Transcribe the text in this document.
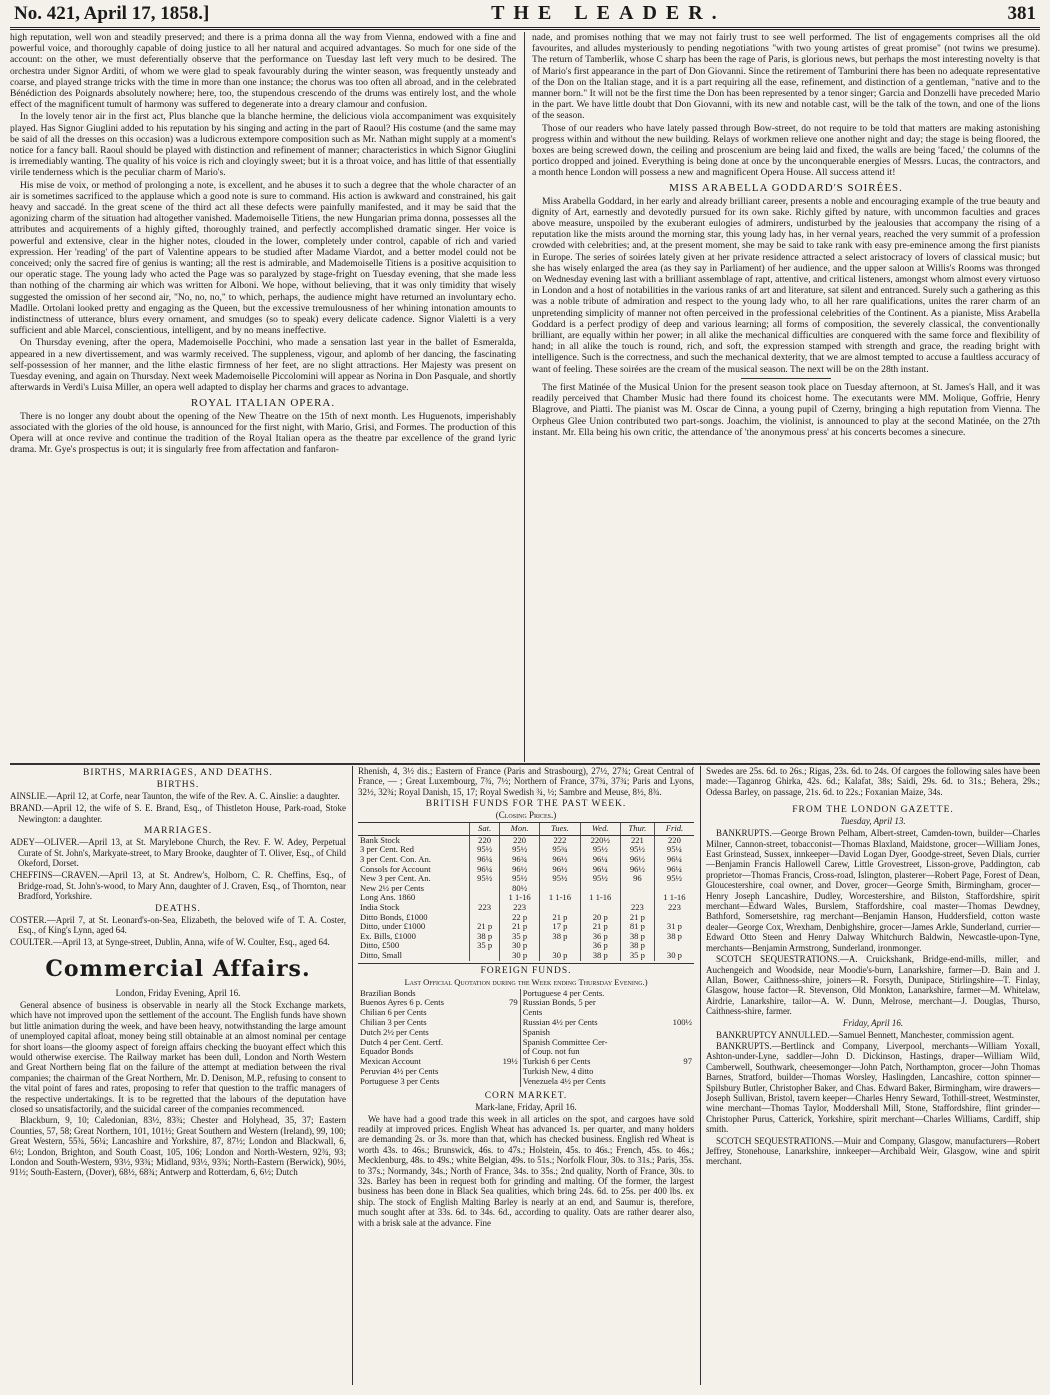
No. 421, April 17, 1858.]	THE LEADER.	381

high reputation, well won and steadily preserved; and there is a prima donna all the way from Vienna, endowed with a fine and powerful voice, and thoroughly capable of doing justice to all her natural and acquired advantages. So much for one side of the account: on the other, we must deferentially observe that the performance on Tuesday last left very much to be desired. The orchestra under Signor Arditi, of whom we were glad to speak favourably during the winter season, was frequently unsteady and coarse, and played strange tricks with the time in more than one instance; the chorus was too often all abroad, and in the celebrated Bénédiction des Poignards absolutely nowhere; here, too, the stupendous crescendo of the drums was entirely lost, and the whole effect of the magnificent tumult of harmony was suffered to degenerate into a dreary clamour and confusion.

In the lovely tenor air in the first act, Plus blanche que la blanche hermine, the delicious viola accompaniment was exquisitely played. Has Signor Giuglini added to his reputation by his singing and acting in the part of Raoul? His costume (and the same may be said of all the dresses on this occasion) was a ludicrous extempore composition such as Mr. Nathan might supply at a moment's notice for a fancy ball. Raoul should be played with distinction and refinement of manner; characteristics in which Signor Giuglini is irremediably wanting. The quality of his voice is rich and cloyingly sweet; but it is a throat voice, and has little of that essentially virile tenderness which is the peculiar charm of Mario's.

His mise de voix, or method of prolonging a note, is excellent, and he abuses it to such a degree that the whole character of an air is sometimes sacrificed to the applause which a good note is sure to command. His action is awkward and constrained, his gait heavy and saccadé. In the great scene of the third act all these defects were painfully manifested, and it may be said that the agonizing charm of the situation had altogether vanished. Mademoiselle Titiens, the new Hungarian prima donna, possesses all the attributes and acquirements of a highly gifted, thoroughly trained, and perfectly accomplished dramatic singer. Her voice is powerful and extensive, clear in the higher notes, clouded in the lower, completely under control, capable of rich and varied expression. Her 'reading' of the part of Valentine appears to be studied after Madame Viardot, and a better model could not be conceived; only the sacred fire of genius is wanting; all the rest is admirable, and Mademoiselle Titiens is a positive acquisition to our operatic stage. The young lady who acted the Page was so paralyzed by stage-fright on Tuesday evening, that she made less than nothing of the charming air which was written for Alboni. We hope, without believing, that it was only timidity that wisely suggested the omission of her second air, "No, no, no," to which, perhaps, the audience might have returned an involuntary echo. Madlle. Ortolani looked pretty and engaging as the Queen, but the excessive tremulousness of her whining intonation amounts to indistinctness of utterance, blurs every ornament, and smudges (so to speak) every delicate cadence. Signor Vialetti is a very sufficient and able Marcel, conscientious, intelligent, and by no means ineffective.

On Thursday evening, after the opera, Mademoiselle Pocchini, who made a sensation last year in the ballet of Esmeralda, appeared in a new divertissement, and was warmly received. The suppleness, vigour, and aplomb of her dancing, the fascinating self-possession of her manner, and the lithe elastic firmness of her feet, are no slight attractions. Her Majesty was present on Tuesday evening, and again on Thursday. Next week Mademoiselle Piccolomini will appear as Norina in Don Pasquale, and shortly afterwards in Verdi's Luisa Miller, an opera well adapted to display her charms and graces to advantage.

ROYAL ITALIAN OPERA.

There is no longer any doubt about the opening of the New Theatre on the 15th of next month. Les Huguenots, imperishably associated with the glories of the old house, is announced for the first night, with Mario, Grisi, and Formes. The production of this Opera will at once revive and continue the tradition of the Royal Italian opera as the theatre par excellence of the grand lyric drama. Mr. Gye's prospectus is out; it is singularly free from affectation and fanfaron-

nade, and promises nothing that we may not fairly trust to see well performed. The list of engagements comprises all the old favourites, and alludes mysteriously to pending negotiations "with two young artistes of great promise" (not twins we presume). The return of Tamberlik, whose C sharp has been the rage of Paris, is glorious news, but perhaps the most interesting novelty is that of Mario's first appearance in the part of Don Giovanni. Since the retirement of Tamburini there has been no adequate representative of the Don on the Italian stage, and it is a part requiring all the ease, refinement, and distinction of a gentleman, "native and to the manner born." It will not be the first time the Don has been represented by a tenor singer; Garcia and Donzelli have preceded Mario in the part. We have little doubt that Don Giovanni, with its new and notable cast, will be the talk of the town, and one of the lions of the season.

Those of our readers who have lately passed through Bow-street, do not require to be told that matters are making astonishing progress within and without the new building. Relays of workmen relieve one another night and day; the stage is being floored, the boxes are being screwed down, the ceiling and proscenium are being laid and fixed, the walls are being 'faced,' the columns of the portico dropped and joined. Everything is being done at once by the unconquerable energies of Messrs. Lucas, the contractors, and a month hence London will possess a new and magnificent Opera House. All success attend it!

MISS ARABELLA GODDARD'S SOIRÉES.

Miss Arabella Goddard, in her early and already brilliant career, presents a noble and encouraging example of the true beauty and dignity of Art, earnestly and devotedly pursued for its own sake. Richly gifted by nature, with uncommon faculties and graces above measure, unspoiled by the exuberant eulogies of admirers, undisturbed by the jealousies that accompany the rising of a reputation like the mists around the morning star, this young lady has, in her vernal years, reached the very summit of a profession crowded with celebrities; and, at the present moment, she may be said to take rank with easy pre-eminence among the first pianists in Europe. The series of soirées lately given at her private residence attracted a select aristocracy of lovers of classical music; but she has wisely enlarged the area (as they say in Parliament) of her audience, and the upper saloon at Willis's Rooms was thronged on Wednesday evening last with a brilliant assemblage of rapt, attentive, and critical listeners, amongst whom almost every virtuoso in London and a host of notabilities in the various ranks of art and literature, sat silent and entranced. Surely such a gathering as this was a noble tribute of admiration and respect to the young lady who, to all her rare qualifications, unites the rarer charm of an unpretending simplicity of manner not often perceived in the professional celebrities of the Continent. As a pianiste, Miss Arabella Goddard is a perfect prodigy of deep and various learning; all forms of composition, the severely classical, the conventionally brilliant, are equally within her power; in all alike the mechanical difficulties are conquered with the same force and flexibility of hand; in all alike the touch is round, rich, and soft, the expression stamped with strength and grace, the reading bright with intelligence. Such is the correctness, and such the mechanical dexterity, that we are almost tempted to accuse a faultless accuracy of want of feeling. These soirées are the cream of the musical season. The next will be on the 28th instant.

The first Matinée of the Musical Union for the present season took place on Tuesday afternoon, at St. James's Hall, and it was readily perceived that Chamber Music had there found its choicest home. The executants were MM. Molique, Goffrie, Henry Blagrove, and Piatti. The pianist was M. Oscar de Cinna, a young pupil of Czerny, bringing a high reputation from Vienna. The Orpheus Glee Union contributed two part-songs. Joachim, the violinist, is announced to play at the second Matinée, on the 27th instant. Mr. Ella being his own critic, the attendance of 'the anonymous press' at his concerts becomes a sinecure.

BIRTHS, MARRIAGES, AND DEATHS.
BIRTHS.

AINSLIE.—April 12, at Corfe, near Taunton, the wife of the Rev. A. C. Ainslie: a daughter.

BRAND.—April 12, the wife of S. E. Brand, Esq., of Thistleton House, Park-road, Stoke Newington: a daughter.

MARRIAGES.

ADEY—OLIVER.—April 13, at St. Marylebone Church, the Rev. F. W. Adey, Perpetual Curate of St. John's, Markyate-street, to Mary Brooke, daughter of T. Oliver, Esq., of Child Okeford, Dorset.

CHEFFINS—CRAVEN.—April 13, at St. Andrew's, Holborn, C. R. Cheffins, Esq., of Bridge-road, St. John's-wood, to Mary Ann, daughter of J. Craven, Esq., of Thornton, near Bradford, Yorkshire.

DEATHS.

COSTER.—April 7, at St. Leonard's-on-Sea, Elizabeth, the beloved wife of T. A. Coster, Esq., of King's Lynn, aged 64.

COULTER.—April 13, at Synge-street, Dublin, Anna, wife of W. Coulter, Esq., aged 64.

Commercial Affairs.
London, Friday Evening, April 16.

General absence of business is observable in nearly all the Stock Exchange markets, which have not improved upon the settlement of the account. The English funds have shown but little animation during the week, and have been heavy, notwithstanding the large amount of unemployed capital afloat, money being still obtainable at an almost nominal per centage for short loans—the gloomy aspect of foreign affairs checking the buoyant effect which this would otherwise exercise. The Railway market has been dull, London and North Western and Great Northern being flat on the failure of the attempt at mediation between the rival companies; the chairman of the Great Northern, Mr. D. Denison, M.P., refusing to consent to the vital point of fares and rates, proposing to refer that question to the traffic managers of the respective undertakings. It is to be regretted that the labours of the deputation have closed so unsatisfactorily, and the suicidal career of the companies recommenced.

Blackburn, 9, 10; Caledonian, 83½, 83¾; Chester and Holyhead, 35, 37; Eastern Counties, 57, 58; Great Northern, 101, 101½; Great Southern and Western (Ireland), 99, 100; Great Western, 55¾, 56¼; Lancashire and Yorkshire, 87, 87½; London and Blackwall, 6, 6½; London, Brighton, and South Coast, 105, 106; London and North-Western, 92¾, 93; London and South-Western, 93½, 93¾; Midland, 93½, 93¾; North-Eastern (Berwick), 90½, 91½; South-Eastern, (Dover), 68½, 68¾; Antwerp and Rotterdam, 6, 6½; Dutch

Rhenish, 4, 3½ dis.; Eastern of France (Paris and Strasbourg), 27½, 27¾; Great Central of France, — ; Great Luxembourg, 7¾, 7½; Northern of France, 37¾, 37¾; Paris and Lyons, 32½, 32¾; Royal Danish, 15, 17; Royal Swedish ¾, ½; Sambre and Meuse, 8½, 8¾.

BRITISH FUNDS FOR THE PAST WEEK.
(Closing Prices.)
	Sat.	Mon.	Tues.	Wed.	Thur.	Frid.
Bank Stock	220	220	222	220½	221	220
3 per Cent. Red	95½	95½	95¾	95½	95½	95¼
3 per Cent. Con. An.	96¼	96¾	96½	96¼	96½	96¼
Consols for Account	96¼	96½	96½	96¼	96½	96¼
New 3 per Cent. An.	95½	95½	95½	95½	96	95½
New 2½ per Cents		80½				
Long Ans. 1860		1 1-16	1 1-16	1 1-16		1 1-16
India Stock	223	223			223	223
Ditto Bonds, £1000		22 p	21 p	20 p	21 p	
Ditto, under £1000	21 p	21 p	17 p	21 p	81 p	31 p
Ex. Bills, £1000	38 p	35 p	38 p	36 p	38 p	38 p
Ditto, £500	35 p	30 p		36 p	38 p	
Ditto, Small		30 p	30 p	38 p	35 p	30 p
FOREIGN FUNDS.
Last Official Quotation during the Week ending Thursday Evening.)
Brazilian Bonds		Portuguese 4 per Cents.	
Buenos Ayres 6 p. Cents	79	Russian Bonds, 5 per	
Chilian 6 per Cents		Cents	
Chilian 3 per Cents		Russian 4½ per Cents	100½
Dutch 2½ per Cents		Spanish	
Dutch 4 per Cent. Certf.		Spanish Committee Cer-	
Equador Bonds		of Coup. not fun	
Mexican Account	19½	Turkish 6 per Cents	97
Peruvian 4½ per Cents		Turkish New, 4 ditto	
Portuguese 3 per Cents		Venezuela 4½ per Cents	
CORN MARKET.
Mark-lane, Friday, April 16.

We have had a good trade this week in all articles on the spot, and cargoes have sold readily at improved prices. English Wheat has advanced 1s. per quarter, and many holders are demanding 2s. or 3s. more than that, which has checked business. English red Wheat is worth 43s. to 46s.; Brunswick, 46s. to 47s.; Holstein, 45s. to 46s.; French, 45s. to 46s.; Mecklenburg, 48s. to 49s.; white Belgian, 49s. to 51s.; Norfolk Flour, 30s. to 31s.; Paris, 35s. to 37s.; Normandy, 34s.; North of France, 34s. to 35s.; 2nd quality, North of France, 30s. to 32s. Barley has been in request both for grinding and malting. Of the former, the largest business has been done in Black Sea qualities, which bring 24s. 6d. to 25s. per 400 lbs. ex ship. The stock of English Malting Barley is nearly at an end, and Saumur is, therefore, much sought after at 33s. 6d. to 34s. 6d., according to quality. Oats are rather dearer also, with a brisk sale at the advance. Fine

Swedes are 25s. 6d. to 26s.; Rigas, 23s. 6d. to 24s. Of cargoes the following sales have been made:—Taganrog Ghirka, 42s. 6d.; Kalafat, 38s; Saidi, 29s. 6d. to 31s.; Behera, 29s.; Odessa Barley, on passage, 21s. 6d. to 22s.; Foxanian Maize, 34s.

FROM THE LONDON GAZETTE.
Tuesday, April 13.

BANKRUPTS.—George Brown Pelham, Albert-street, Camden-town, builder—Charles Milner, Cannon-street, tobacconist—Thomas Blaxland, Maidstone, grocer—William Jones, East Grinstead, Sussex, innkeeper—David Logan Dyer, Goodge-street, Seven Dials, currier—Benjamin Francis Hallowell Carew, Little Grovestreet, Lisson-grove, Paddington, cab proprietor—Thomas Francis, Cross-road, Islington, plasterer—Robert Page, Forest of Dean, Gloucestershire, coal owner, and Dover, grocer—George Smith, Birmingham, grocer—Henry Joseph Lancashire, Dudley, Worcestershire, and Bilston, Staffordshire, spirit merchant—Edward Wales, Burslem, Staffordshire, coal master—Thomas Dewdney, Bathford, Somersetshire, rag merchant—Benjamin Hanson, Huddersfield, cotton waste dealer—George Cox, Wrexham, Denbighshire, grocer—James Arkle, Sunderland, currier—Edward Otto Steen and Henry Dalway Whitchurch Baldwin, Newcastle-upon-Tyne, merchants—Benjamin Armstrong, Sunderland, ironmonger.

SCOTCH SEQUESTRATIONS.—A. Cruickshank, Bridge-end-mills, miller, and Auchengeich and Woodside, near Moodie's-burn, Lanarkshire, farmer—D. Bain and J. Allan, Bower, Caithness-shire, joiners—R. Forsyth, Dunipace, Stirlingshire—T. Finlay, Glasgow, house factor—R. Stevenson, Old Monkton, Lanarkshire, farmer—M. Whitelaw, Airdrie, Lanarkshire, tailor—A. W. Dunn, Melrose, merchant—J. Douglas, Thurso, Caithness-shire, farmer.

Friday, April 16.

BANKRUPTCY ANNULLED.—Samuel Bennett, Manchester, commission agent.

BANKRUPTS.—Bertlinck and Company, Liverpool, merchants—William Yoxall, Ashton-under-Lyne, saddler—John D. Dickinson, Hastings, draper—William Wild, Camberwell, Southwark, cheesemonger—John Patch, Northampton, grocer—John Thomas Barnes, Stratford, builder—Thomas Worsley, Haslingden, Lancashire, cotton spinner—Spilsbury Butler, Christopher Baker, and Chas. Edward Baker, Birmingham, wire drawers—Joseph Sullivan, Bristol, tavern keeper—Charles Henry Seward, Tothill-street, Westminster, wine merchant—Thomas Taylor, Moddershall Mill, Stone, Staffordshire, flint grinder—Christopher Purus, Catterick, Yorkshire, spirit merchant—Charles Williams, Cardiff, ship smith.

SCOTCH SEQUESTRATIONS.—Muir and Company, Glasgow, manufacturers—Robert Jeffrey, Stonehouse, Lanarkshire, innkeeper—Archibald Weir, Glasgow, wine and spirit merchant.
